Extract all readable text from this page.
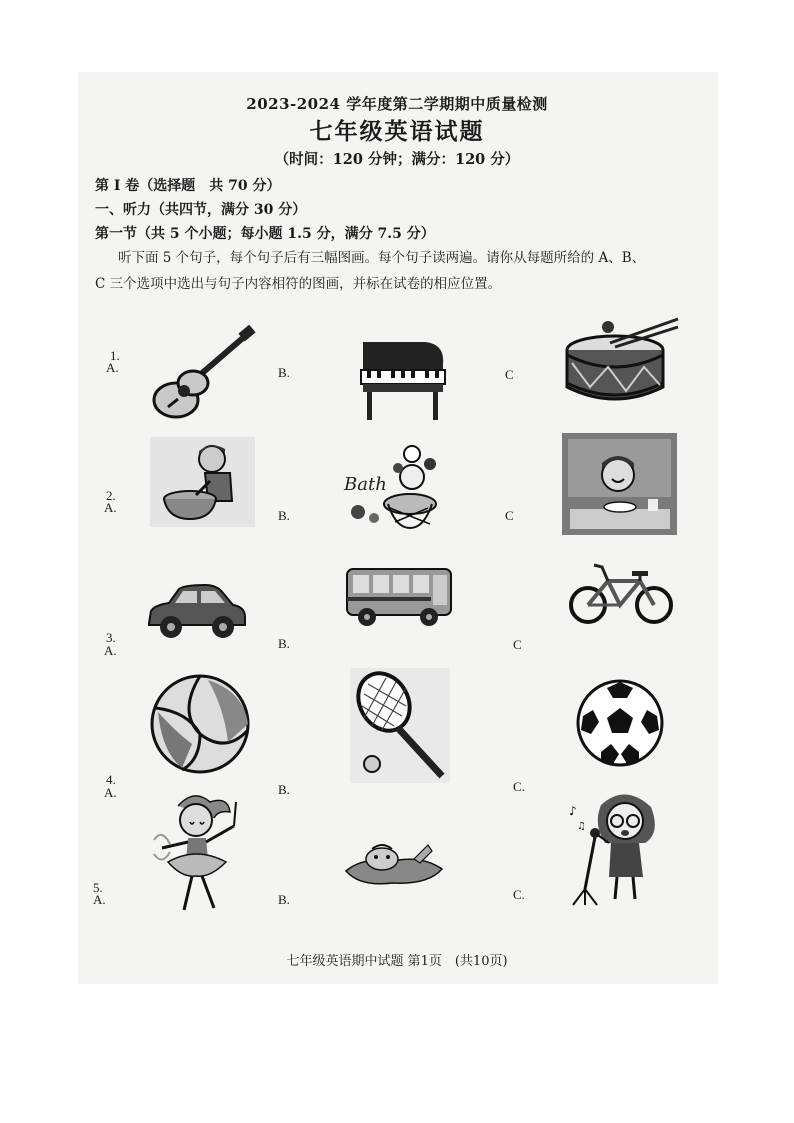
2023-2024 学年度第二学期期中质量检测
七年级英语试题
（时间：120 分钟；满分：120 分）
第 I 卷（选择题　共 70 分）
一、听力（共四节，满分 30 分）
第一节（共 5 个小题；每小题 1.5 分，满分 7.5 分）
听下面 5 个句子，每个句子后有三幅图画。每个句子读两遍。请你从每题所给的 A、B、
C 三个选项中选出与句子内容相符的图画，并标在试卷的相应位置。
1.
A.	B.	C
2.
A.
B.	C
Bath
3.
A.	B.	C
4.
A.	B.	C.
5.
A.	B.	C.
♪
♫
七年级英语期中试题 第1页　(共10页)
